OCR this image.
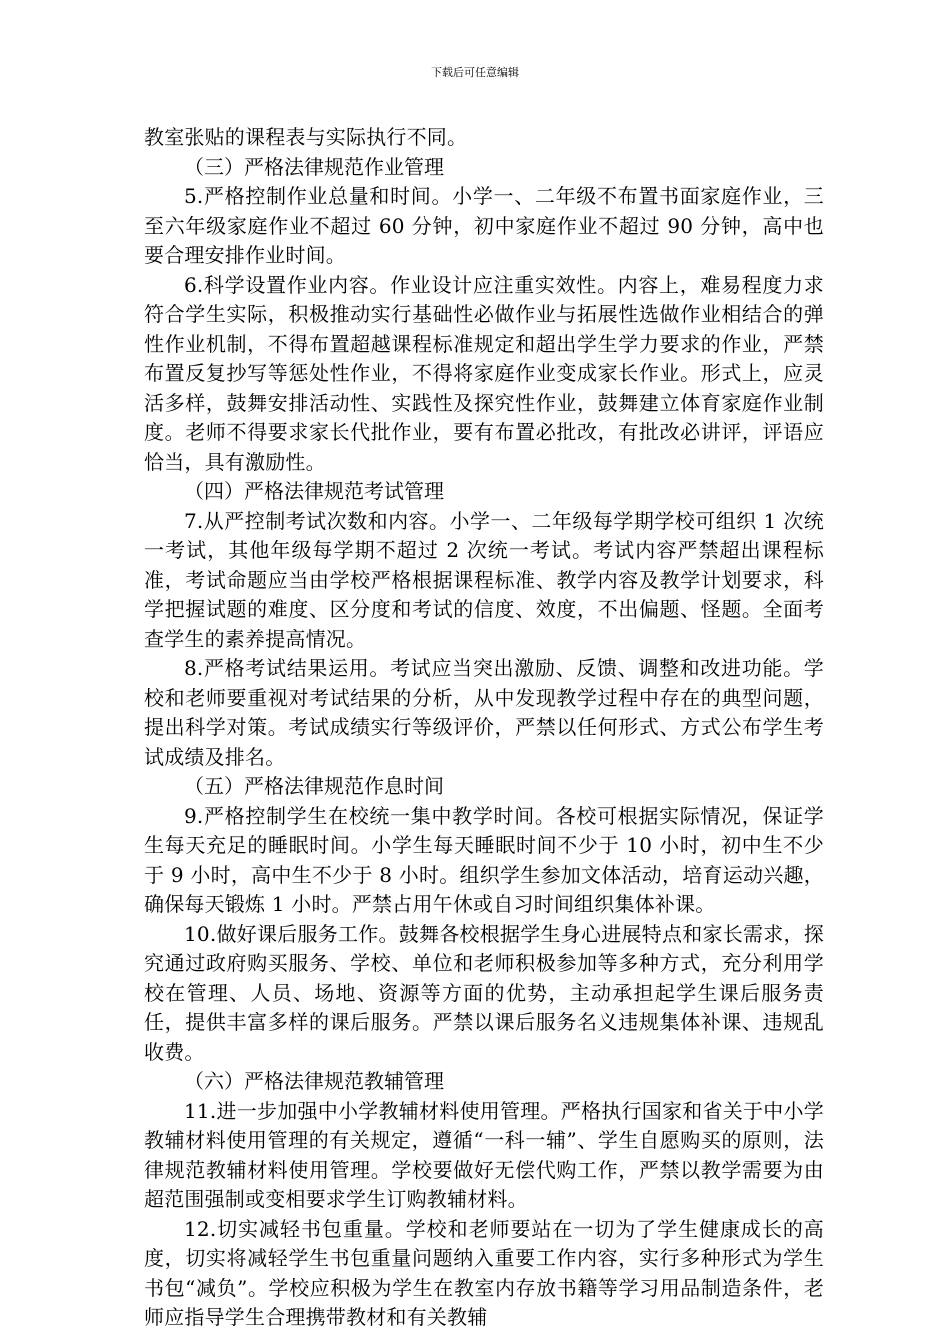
下载后可任意编辑

教室张贴的课程表与实际执行不同。

（三）严格法律规范作业管理

5.严格控制作业总量和时间。小学一、二年级不布置书面家庭作业，三至六年级家庭作业不超过 60 分钟，初中家庭作业不超过 90 分钟，高中也要合理安排作业时间。

6.科学设置作业内容。作业设计应注重实效性。内容上，难易程度力求符合学生实际，积极推动实行基础性必做作业与拓展性选做作业相结合的弹性作业机制，不得布置超越课程标准规定和超出学生学力要求的作业，严禁布置反复抄写等惩处性作业，不得将家庭作业变成家长作业。形式上，应灵活多样，鼓舞安排活动性、实践性及探究性作业，鼓舞建立体育家庭作业制度。老师不得要求家长代批作业，要有布置必批改，有批改必讲评，评语应恰当，具有激励性。

（四）严格法律规范考试管理

7.从严控制考试次数和内容。小学一、二年级每学期学校可组织 1 次统一考试，其他年级每学期不超过 2 次统一考试。考试内容严禁超出课程标准，考试命题应当由学校严格根据课程标准、教学内容及教学计划要求，科学把握试题的难度、区分度和考试的信度、效度，不出偏题、怪题。全面考查学生的素养提高情况。

8.严格考试结果运用。考试应当突出激励、反馈、调整和改进功能。学校和老师要重视对考试结果的分析，从中发现教学过程中存在的典型问题，提出科学对策。考试成绩实行等级评价，严禁以任何形式、方式公布学生考试成绩及排名。

（五）严格法律规范作息时间

9.严格控制学生在校统一集中教学时间。各校可根据实际情况，保证学生每天充足的睡眠时间。小学生每天睡眠时间不少于 10 小时，初中生不少于 9 小时，高中生不少于 8 小时。组织学生参加文体活动，培育运动兴趣，确保每天锻炼 1 小时。严禁占用午休或自习时间组织集体补课。

10.做好课后服务工作。鼓舞各校根据学生身心进展特点和家长需求，探究通过政府购买服务、学校、单位和老师积极参加等多种方式，充分利用学校在管理、人员、场地、资源等方面的优势，主动承担起学生课后服务责任，提供丰富多样的课后服务。严禁以课后服务名义违规集体补课、违规乱收费。

（六）严格法律规范教辅管理

11.进一步加强中小学教辅材料使用管理。严格执行国家和省关于中小学教辅材料使用管理的有关规定，遵循“一科一辅”、学生自愿购买的原则，法律规范教辅材料使用管理。学校要做好无偿代购工作，严禁以教学需要为由超范围强制或变相要求学生订购教辅材料。

12.切实减轻书包重量。学校和老师要站在一切为了学生健康成长的高度，切实将减轻学生书包重量问题纳入重要工作内容，实行多种形式为学生书包“减负”。学校应积极为学生在教室内存放书籍等学习用品制造条件，老师应指导学生合理携带教材和有关教辅
